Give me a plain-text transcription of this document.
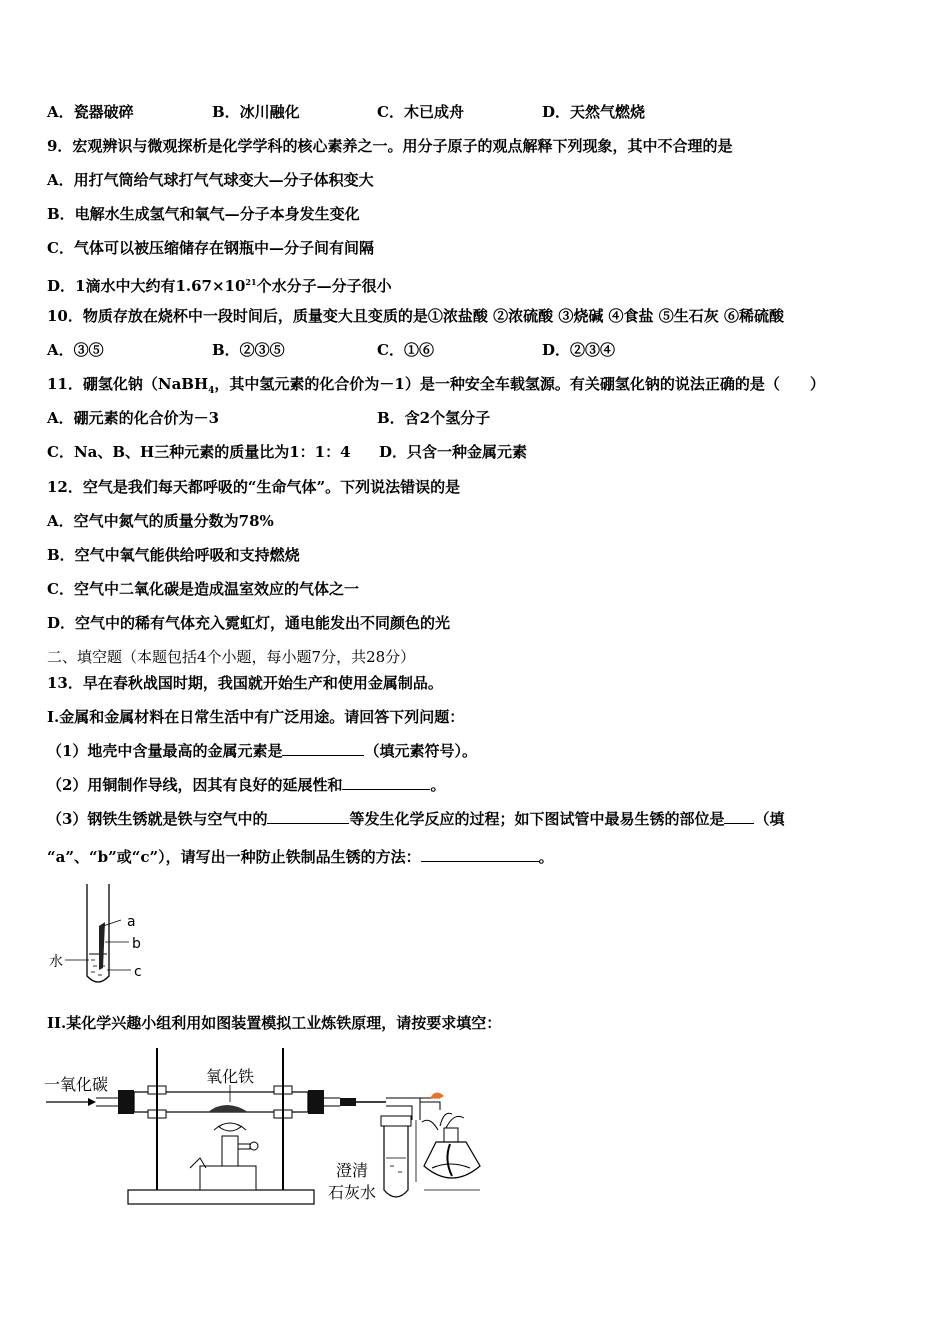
A．瓷器破碎	B．冰川融化	C．木已成舟	D．天然气燃烧
9．宏观辨识与微观探析是化学学科的核心素养之一。用分子原子的观点解释下列现象，其中不合理的是
A．用打气筒给气球打气气球变大—分子体积变大
B．电解水生成氢气和氧气—分子本身发生变化
C．气体可以被压缩储存在钢瓶中—分子间有间隔
D．1滴水中大约有$1.67\times 10^{21}$个水分子—分子很小
10．物质存放在烧杯中一段时间后，质量变大且变质的是①浓盐酸 ②浓硫酸 ③烧碱 ④食盐 ⑤生石灰 ⑥稀硫酸
A．③⑤	B．②③⑤	C．①⑥	D．②③④
11．硼氢化钠（NaBH$_4$，其中氢元素的化合价为－1）是一种安全车载氢源。有关硼氢化钠的说法正确的是（　　）
A．硼元素的化合价为－3	B．含2个氢分子
C．Na、B、H三种元素的质量比为1：1：4 D．只含一种金属元素
12．空气是我们每天都呼吸的“生命气体”。下列说法错误的是
A．空气中氮气的质量分数为78%
B．空气中氧气能供给呼吸和支持燃烧
C．空气中二氧化碳是造成温室效应的气体之一
D．空气中的稀有气体充入霓虹灯，通电能发出不同颜色的光
二、填空题（本题包括4个小题，每小题7分，共28分）
13．早在春秋战国时期，我国就开始生产和使用金属制品。
I.金属和金属材料在日常生活中有广泛用途。请回答下列问题：
（1）地壳中含量最高的金属元素是	（填元素符号）。
（2）用铜制作导线，因其有良好的延展性和	。
（3）钢铁生锈就是铁与空气中的	等发生化学反应的过程；如下图试管中最易生锈的部位是 （填
“a”、“b”或“c”），请写出一种防止铁制品生锈的方法：	。
a
b
c
水
II.某化学兴趣小组利用如图装置模拟工业炼铁原理，请按要求填空：
一氧化碳	氧化铁
澄清
石灰水
